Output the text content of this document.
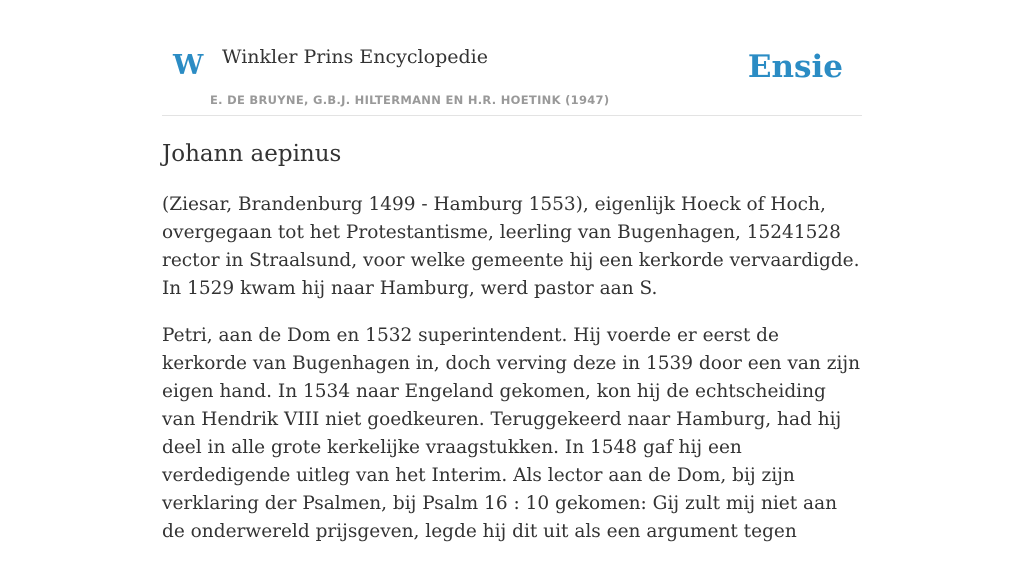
W Winkler Prins Encyclopedie
E. DE BRUYNE, G.B.J. HILTERMANN EN H.R. HOETINK (1947)
Ensie
Johann aepinus

(Ziesar, Brandenburg 1499 - Hamburg 1553), eigenlijk Hoeck of Hoch, overgegaan tot het Protestantisme, leerling van Bugenhagen, 15241528 rector in Straalsund, voor welke gemeente hij een kerkorde vervaardigde. In 1529 kwam hij naar Hamburg, werd pastor aan S.

Petri, aan de Dom en 1532 superintendent. Hij voerde er eerst de kerkorde van Bugenhagen in, doch verving deze in 1539 door een van zijn eigen hand. In 1534 naar Engeland gekomen, kon hij de echtscheiding van Hendrik VIII niet goedkeuren. Teruggekeerd naar Hamburg, had hij deel in alle grote kerkelijke vraagstukken. In 1548 gaf hij een verdedigende uitleg van het Interim. Als lector aan de Dom, bij zijn verklaring der Psalmen, bij Psalm 16 : 10 gekomen: Gij zult mij niet aan de onderwereld prijsgeven, legde hij dit uit als een argument tegen
